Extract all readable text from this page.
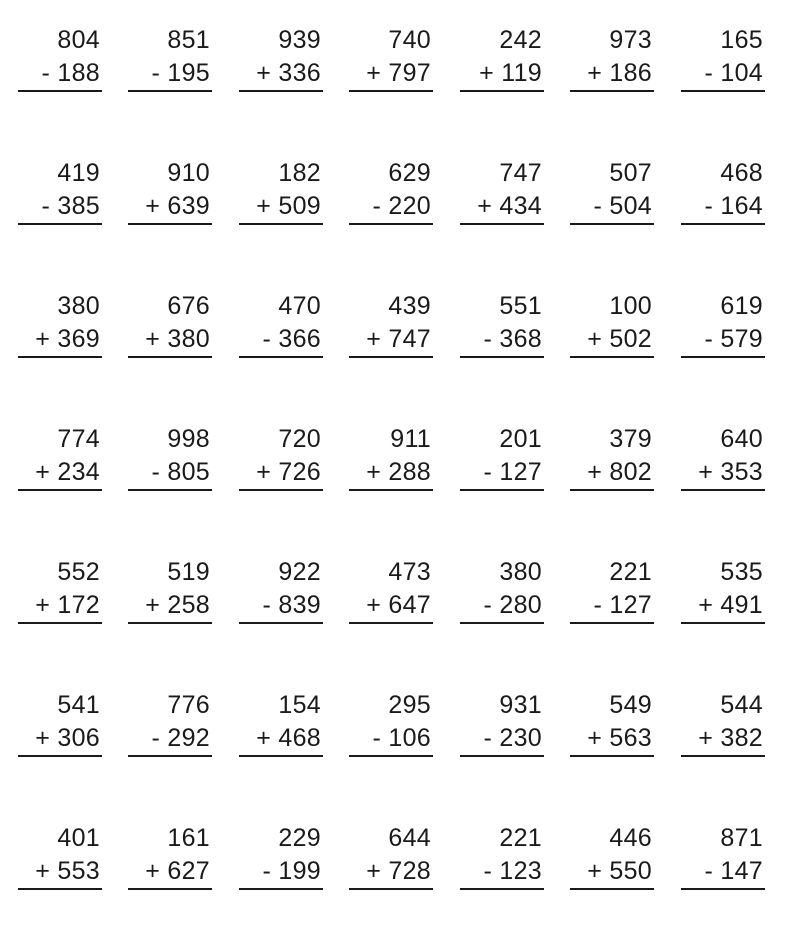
804
- 188
851
- 195
939
+ 336
740
+ 797
242
+ 119
973
+ 186
165
- 104
419
- 385
910
+ 639
182
+ 509
629
- 220
747
+ 434
507
- 504
468
- 164
380
+ 369
676
+ 380
470
- 366
439
+ 747
551
- 368
100
+ 502
619
- 579
774
+ 234
998
- 805
720
+ 726
911
+ 288
201
- 127
379
+ 802
640
+ 353
552
+ 172
519
+ 258
922
- 839
473
+ 647
380
- 280
221
- 127
535
+ 491
541
+ 306
776
- 292
154
+ 468
295
- 106
931
- 230
549
+ 563
544
+ 382
401
+ 553
161
+ 627
229
- 199
644
+ 728
221
- 123
446
+ 550
871
- 147
